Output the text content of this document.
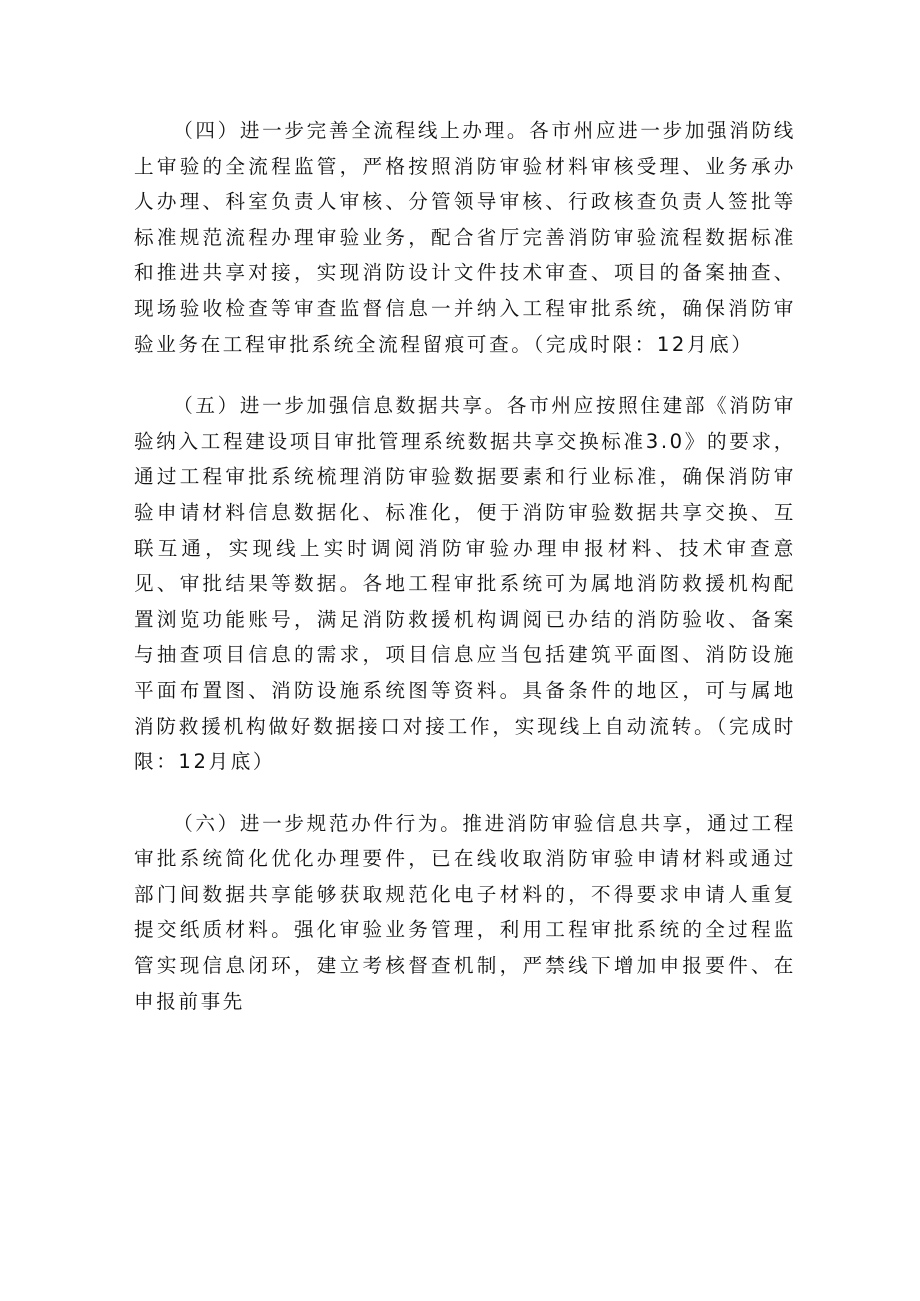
（四）进一步完善全流程线上办理。各市州应进一步加强消防线上审验的全流程监管，严格按照消防审验材料审核受理、业务承办人办理、科室负责人审核、分管领导审核、行政核查负责人签批等标准规范流程办理审验业务，配合省厅完善消防审验流程数据标准和推进共享对接，实现消防设计文件技术审查、项目的备案抽查、现场验收检查等审查监督信息一并纳入工程审批系统，确保消防审验业务在工程审批系统全流程留痕可查。（完成时限：12月底）

（五）进一步加强信息数据共享。各市州应按照住建部《消防审验纳入工程建设项目审批管理系统数据共享交换标准3.0》的要求，通过工程审批系统梳理消防审验数据要素和行业标准，确保消防审验申请材料信息数据化、标准化，便于消防审验数据共享交换、互联互通，实现线上实时调阅消防审验办理申报材料、技术审查意见、审批结果等数据。各地工程审批系统可为属地消防救援机构配置浏览功能账号，满足消防救援机构调阅已办结的消防验收、备案与抽查项目信息的需求，项目信息应当包括建筑平面图、消防设施平面布置图、消防设施系统图等资料。具备条件的地区，可与属地消防救援机构做好数据接口对接工作，实现线上自动流转。（完成时限：12月底）

（六）进一步规范办件行为。推进消防审验信息共享，通过工程审批系统简化优化办理要件，已在线收取消防审验申请材料或通过部门间数据共享能够获取规范化电子材料的，不得要求申请人重复提交纸质材料。强化审验业务管理，利用工程审批系统的全过程监管实现信息闭环，建立考核督查机制，严禁线下增加申报要件、在申报前事先
